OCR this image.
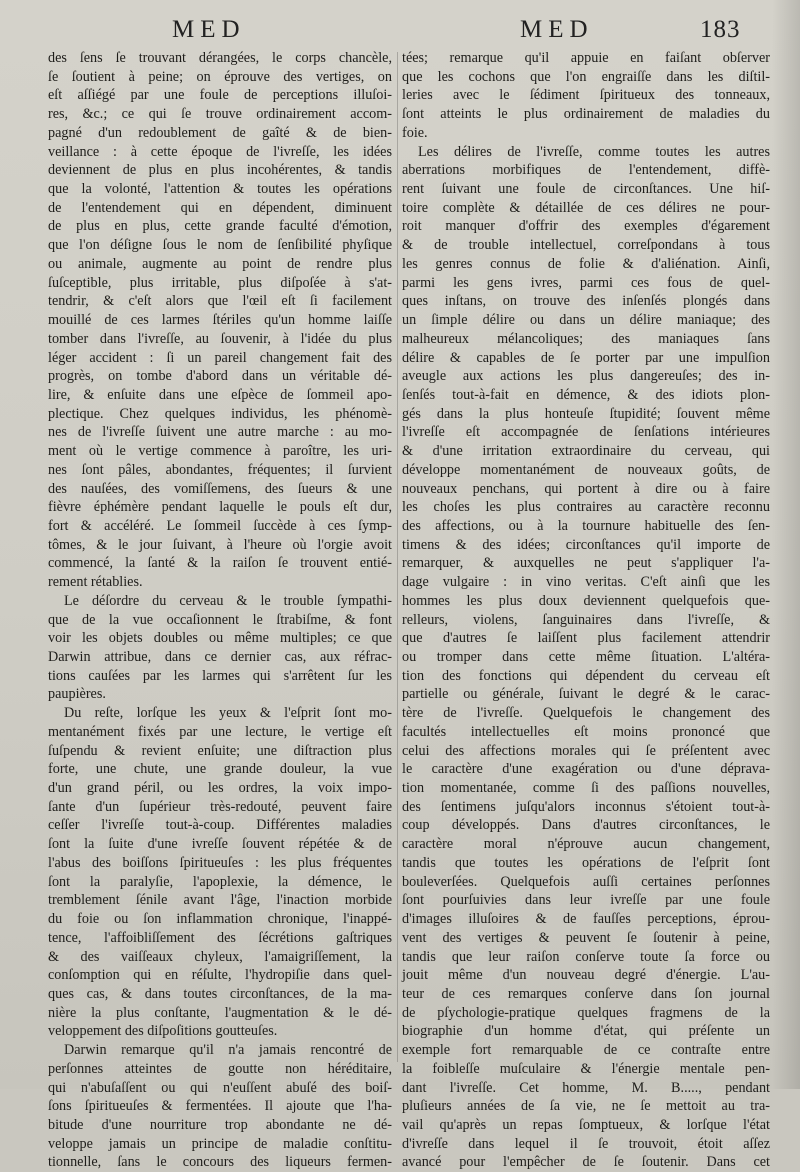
MED	MED	183
des ſens ſe trouvant dérangées, le corps chancèle,
ſe ſoutient à peine; on éprouve des vertiges, on
eſt aſſiégé par une foule de perceptions illuſoi-
res, &c.; ce qui ſe trouve ordinairement accom-
pagné d'un redoublement de gaîté & de bien-
veillance : à cette époque de l'ivreſſe, les idées
deviennent de plus en plus incohérentes, & tandis
que la volonté, l'attention & toutes les opérations
de l'entendement qui en dépendent, diminuent
de plus en plus, cette grande faculté d'émotion,
que l'on déſigne ſous le nom de ſenſibilité phyſique
ou animale, augmente au point de rendre plus
ſuſceptible, plus irritable, plus diſpoſée à s'at-
tendrir, & c'eſt alors que l'œil eſt ſi facilement
mouillé de ces larmes ſtériles qu'un homme laiſſe
tomber dans l'ivreſſe, au ſouvenir, à l'idée du plus
léger accident : ſi un pareil changement fait des
progrès, on tombe d'abord dans un véritable dé-
lire, & enſuite dans une eſpèce de ſommeil apo-
plectique. Chez quelques individus, les phénomè-
nes de l'ivreſſe ſuivent une autre marche : au mo-
ment où le vertige commence à paroître, les uri-
nes ſont pâles, abondantes, fréquentes; il ſurvient
des nauſées, des vomiſſemens, des ſueurs & une
fièvre éphémère pendant laquelle le pouls eſt dur,
fort & accéléré. Le ſommeil ſuccède à ces ſymp-
tômes, & le jour ſuivant, à l'heure où l'orgie avoit
commencé, la ſanté & la raiſon ſe trouvent entié-
rement rétablies.
Le déſordre du cerveau & le trouble ſympathi-
que de la vue occaſionnent le ſtrabiſme, & font
voir les objets doubles ou même multiples; ce que
Darwin attribue, dans ce dernier cas, aux réfrac-
tions cauſées par les larmes qui s'arrêtent ſur les
paupières.
Du reſte, lorſque les yeux & l'eſprit ſont mo-
mentanément fixés par une lecture, le vertige eſt
ſuſpendu & revient enſuite; une diſtraction plus
forte, une chute, une grande douleur, la vue
d'un grand péril, ou les ordres, la voix impo-
ſante d'un ſupérieur très-redouté, peuvent faire
ceſſer l'ivreſſe tout-à-coup. Différentes maladies
ſont la ſuite d'une ivreſſe ſouvent répétée & de
l'abus des boiſſons ſpiritueuſes : les plus fréquentes
ſont la paralyſie, l'apoplexie, la démence, le
tremblement ſénile avant l'âge, l'inaction morbide
du foie ou ſon inflammation chronique, l'inappé-
tence, l'affoibliſſement des ſécrétions gaſtriques
& des vaiſſeaux chyleux, l'amaigriſſement, la
conſomption qui en réſulte, l'hydropiſie dans quel-
ques cas, & dans toutes circonſtances, de la ma-
nière la plus conſtante, l'augmentation & le dé-
veloppement des diſpoſitions goutteuſes.
Darwin remarque qu'il n'a jamais rencontré de
perſonnes atteintes de goutte non héréditaire,
qui n'abuſaſſent ou qui n'euſſent abuſé des boiſ-
ſons ſpiritueuſes & fermentées. Il ajoute que l'ha-
bitude d'une nourriture trop abondante ne dé-
veloppe jamais un principe de maladie conſtitu-
tionnelle, ſans le concours des liqueurs fermen-
tées; remarque qu'il appuie en faiſant obſerver
que les cochons que l'on engraiſſe dans les diſtil-
leries avec le ſédiment ſpiritueux des tonneaux,
ſont atteints le plus ordinairement de maladies du
foie.
Les délires de l'ivreſſe, comme toutes les autres
aberrations morbifiques de l'entendement, diffè-
rent ſuivant une foule de circonſtances. Une hiſ-
toire complète & détaillée de ces délires ne pour-
roit manquer d'offrir des exemples d'égarement
& de trouble intellectuel, correſpondans à tous
les genres connus de folie & d'aliénation. Ainſi,
parmi les gens ivres, parmi ces fous de quel-
ques inſtans, on trouve des inſenſés plongés dans
un ſimple délire ou dans un délire maniaque; des
malheureux mélancoliques; des maniaques ſans
délire & capables de ſe porter par une impulſion
aveugle aux actions les plus dangereuſes; des in-
ſenſés tout-à-fait en démence, & des idiots plon-
gés dans la plus honteuſe ſtupidité; ſouvent même
l'ivreſſe eſt accompagnée de ſenſations intérieures
& d'une irritation extraordinaire du cerveau, qui
développe momentanément de nouveaux goûts, de
nouveaux penchans, qui portent à dire ou à faire
les choſes les plus contraires au caractère reconnu
des affections, ou à la tournure habituelle des ſen-
timens & des idées; circonſtances qu'il importe de
remarquer, & auxquelles ne peut s'appliquer l'a-
dage vulgaire : in vino veritas. C'eſt ainſi que les
hommes les plus doux deviennent quelquefois que-
relleurs, violens, ſanguinaires dans l'ivreſſe, &
que d'autres ſe laiſſent plus facilement attendrir
ou tromper dans cette même ſituation. L'altéra-
tion des fonctions qui dépendent du cerveau eſt
partielle ou générale, ſuivant le degré & le carac-
tère de l'ivreſſe. Quelquefois le changement des
facultés intellectuelles eſt moins prononcé que
celui des affections morales qui ſe préſentent avec
le caractère d'une exagération ou d'une déprava-
tion momentanée, comme ſi des paſſions nouvelles,
des ſentimens juſqu'alors inconnus s'étoient tout-à-
coup développés. Dans d'autres circonſtances, le
caractère moral n'éprouve aucun changement,
tandis que toutes les opérations de l'eſprit ſont
bouleverſées. Quelquefois auſſi certaines perſonnes
ſont pourſuivies dans leur ivreſſe par une foule
d'images illuſoires & de fauſſes perceptions, éprou-
vent des vertiges & peuvent ſe ſoutenir à peine,
tandis que leur raiſon conſerve toute ſa force ou
jouit même d'un nouveau degré d'énergie. L'au-
teur de ces remarques conſerve dans ſon journal
de pſychologie-pratique quelques fragmens de la
biographie d'un homme d'état, qui préſente un
exemple fort remarquable de ce contraſte entre
la foibleſſe muſculaire & l'énergie mentale pen-
dant l'ivreſſe. Cet homme, M. B....., pendant
pluſieurs années de ſa vie, ne ſe mettoit au tra-
vail qu'après un repas ſomptueux, & lorſque l'état
d'ivreſſe dans lequel il ſe trouvoit, étoit aſſez
avancé pour l'empêcher de ſe ſoutenir. Dans cet
